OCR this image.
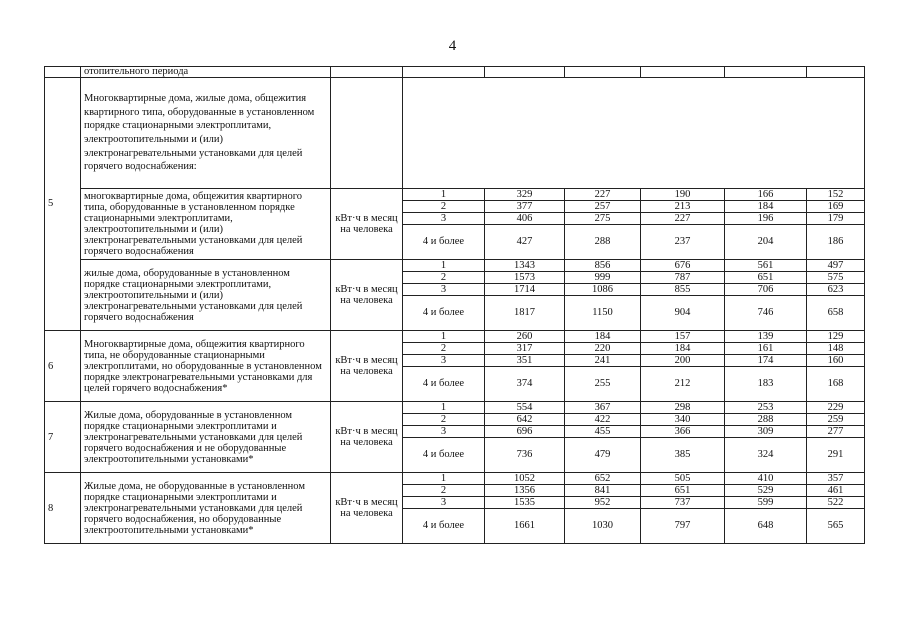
4
	отопительного периода							
5	Многоквартирные дома, жилые дома, общежития квартирного типа, оборудованные в установленном порядке стационарными электроплитами, электроотопительными и (или) электронагревательными установками для целей горячего водоснабжения:							
	многоквартирные дома, общежития квартирного типа, оборудованные в установленном порядке стационарными электроплитами, электроотопительными и (или) электронагревательными установками для целей горячего водоснабжения	кВт·ч в месяц на человека	1	329	227	190	166	152
			2	377	257	213	184	169
			3	406	275	227	196	179
			4 и более	427	288	237	204	186
	жилые дома, оборудованные в установленном порядке стационарными электроплитами, электроотопительными и (или) электронагревательными установками для целей горячего водоснабжения	кВт·ч в месяц на человека	1	1343	856	676	561	497
			2	1573	999	787	651	575
			3	1714	1086	855	706	623
			4 и более	1817	1150	904	746	658
6	Многоквартирные дома, общежития квартирного типа, не оборудованные стационарными электроплитами, но оборудованные в установленном порядке электронагревательными установками для целей горячего водоснабжения*	кВт·ч в месяц на человека	1	260	184	157	139	129
			2	317	220	184	161	148
			3	351	241	200	174	160
			4 и более	374	255	212	183	168
7	Жилые дома, оборудованные в установленном порядке стационарными электроплитами и электронагревательными установками для целей горячего водоснабжения и не оборудованные электроотопительными установками*	кВт·ч в месяц на человека	1	554	367	298	253	229
			2	642	422	340	288	259
			3	696	455	366	309	277
			4 и более	736	479	385	324	291
8	Жилые дома, не оборудованные в установленном порядке стационарными электроплитами и электронагревательными установками для целей горячего водоснабжения, но оборудованные электроотопительными установками*	кВт·ч в месяц на человека	1	1052	652	505	410	357
			2	1356	841	651	529	461
			3	1535	952	737	599	522
			4 и более	1661	1030	797	648	565
